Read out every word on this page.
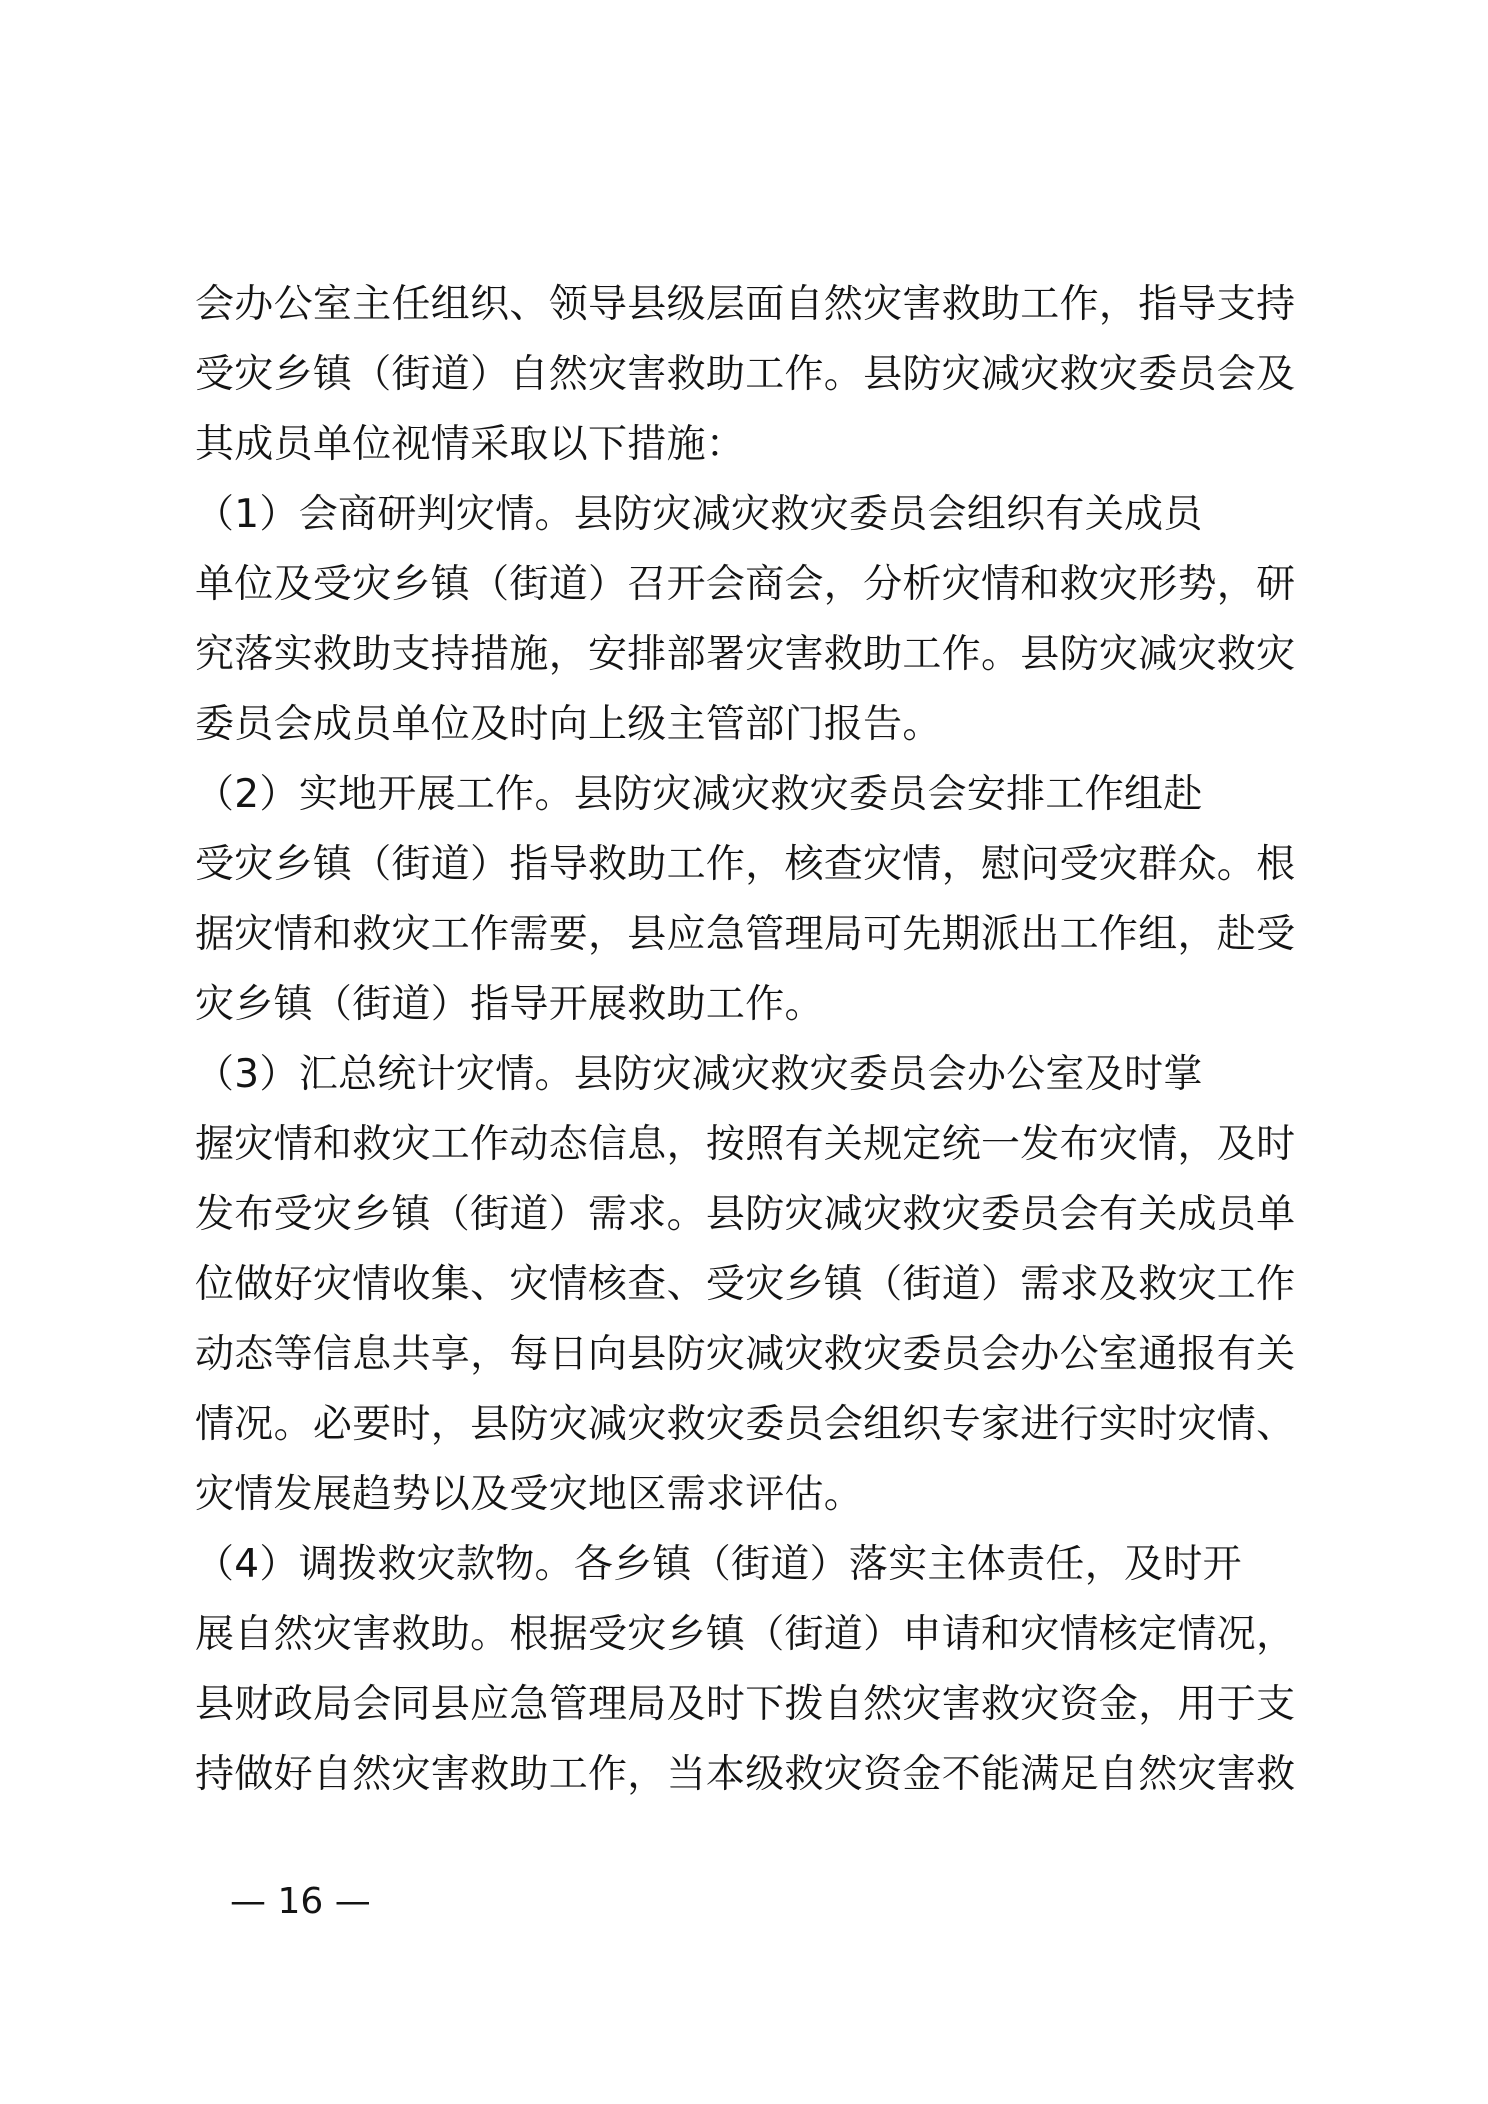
会办公室主任组织、领导县级层面自然灾害救助工作，指导支持
受灾乡镇（街道）自然灾害救助工作。县防灾减灾救灾委员会及
其成员单位视情采取以下措施：
（1）会商研判灾情。县防灾减灾救灾委员会组织有关成员
单位及受灾乡镇（街道）召开会商会，分析灾情和救灾形势，研
究落实救助支持措施，安排部署灾害救助工作。县防灾减灾救灾
委员会成员单位及时向上级主管部门报告。
（2）实地开展工作。县防灾减灾救灾委员会安排工作组赴
受灾乡镇（街道）指导救助工作，核查灾情，慰问受灾群众。根
据灾情和救灾工作需要，县应急管理局可先期派出工作组，赴受
灾乡镇（街道）指导开展救助工作。
（3）汇总统计灾情。县防灾减灾救灾委员会办公室及时掌
握灾情和救灾工作动态信息，按照有关规定统一发布灾情，及时
发布受灾乡镇（街道）需求。县防灾减灾救灾委员会有关成员单
位做好灾情收集、灾情核查、受灾乡镇（街道）需求及救灾工作
动态等信息共享，每日向县防灾减灾救灾委员会办公室通报有关
情况。必要时，县防灾减灾救灾委员会组织专家进行实时灾情、
灾情发展趋势以及受灾地区需求评估。
（4）调拨救灾款物。各乡镇（街道）落实主体责任，及时开
展自然灾害救助。根据受灾乡镇（街道）申请和灾情核定情况，
县财政局会同县应急管理局及时下拨自然灾害救灾资金，用于支
持做好自然灾害救助工作，当本级救灾资金不能满足自然灾害救
— 16 —
